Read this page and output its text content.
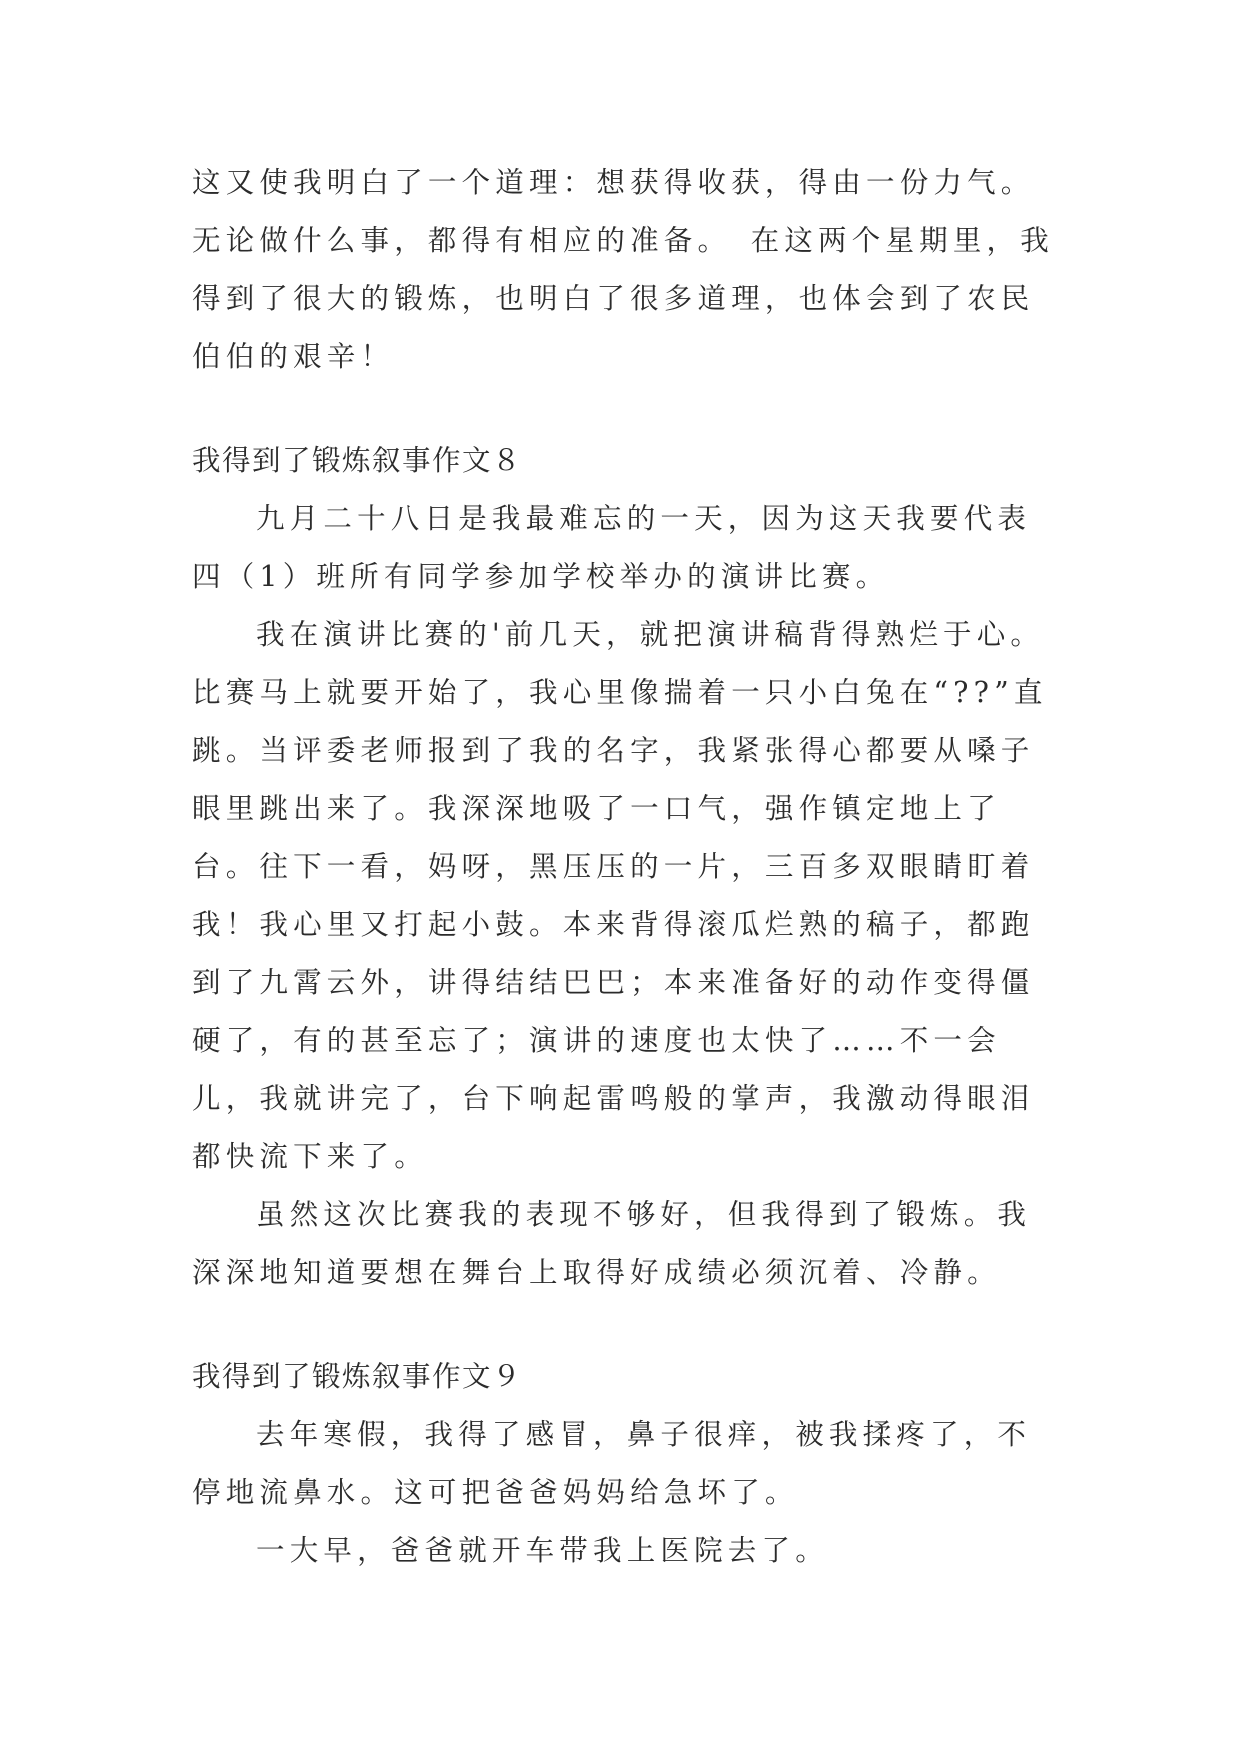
这又使我明白了一个道理：想获得收获，得由一份力气。无论做什么事，都得有相应的准备。　在这两个星期里，我得到了很大的锻炼，也明白了很多道理，也体会到了农民伯伯的艰辛！

我得到了锻炼叙事作文８

九月二十八日是我最难忘的一天，因为这天我要代表四（1）班所有同学参加学校举办的演讲比赛。

我在演讲比赛的'前几天，就把演讲稿背得熟烂于心。比赛马上就要开始了，我心里像揣着一只小白兔在“??”直跳。当评委老师报到了我的名字，我紧张得心都要从嗓子眼里跳出来了。我深深地吸了一口气，强作镇定地上了台。往下一看，妈呀，黑压压的一片，三百多双眼睛盯着我！我心里又打起小鼓。本来背得滚瓜烂熟的稿子，都跑到了九霄云外，讲得结结巴巴；本来准备好的动作变得僵硬了，有的甚至忘了；演讲的速度也太快了……不一会儿，我就讲完了，台下响起雷鸣般的掌声，我激动得眼泪都快流下来了。

虽然这次比赛我的表现不够好，但我得到了锻炼。我深深地知道要想在舞台上取得好成绩必须沉着、冷静。

我得到了锻炼叙事作文９

去年寒假，我得了感冒，鼻子很痒，被我揉疼了，不停地流鼻水。这可把爸爸妈妈给急坏了。

一大早，爸爸就开车带我上医院去了。
